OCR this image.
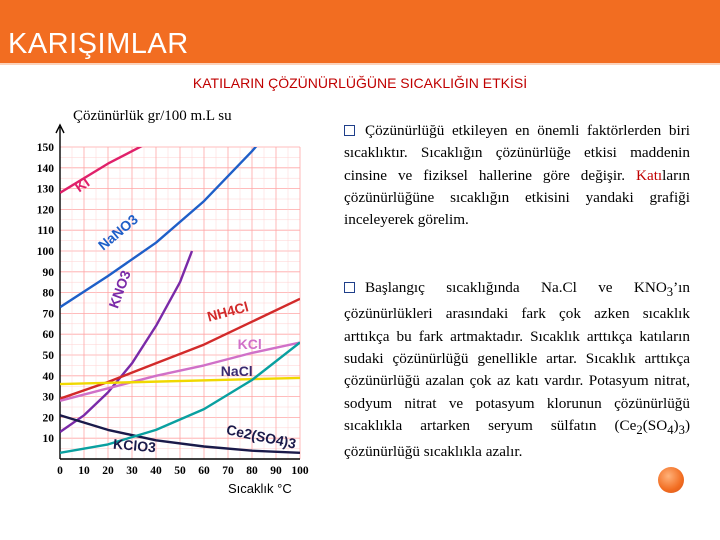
KARIŞIMLAR
KATILARIN ÇÖZÜNÜRLÜĞÜNE SICAKLIĞIN ETKİSİ
Çözünürlük gr/100 m.L su
Sıcaklık °C
10
20
30
40
50
60
70
80
90
100
110
120
130
140
150
0 10 20 30 40 50 60 70 80 90 100
KI
NaNO3
KNO3
NH4Cl
KCl
NaCl
Ce2(SO4)3
KClO3
Çözünürlüğü etkileyen en önemli faktörlerden biri sıcaklıktır. Sıcaklığın çözünürlüğe etkisi maddenin cinsine ve fiziksel hallerine göre değişir. Katıların çözünürlüğüne sıcaklığın etkisini yandaki grafiği inceleyerek görelim.
Başlangıç sıcaklığında Na.Cl ve $KNO_3’ın$ çözünürlükleri arasındaki fark çok azken sıcaklık arttıkça bu fark artmaktadır. Sıcaklık arttıkça katıların sudaki çözünürlüğü genellikle artar. Sıcaklık arttıkça çözünürlüğü azalan çok az katı vardır. Potasyum nitrat, sodyum nitrat ve potasyum klorunun çözünürlüğü sıcaklıkla artarken seryum sülfatın $(Ce_2(SO_4)_3)$ çözünürlüğü sıcaklıkla azalır.
